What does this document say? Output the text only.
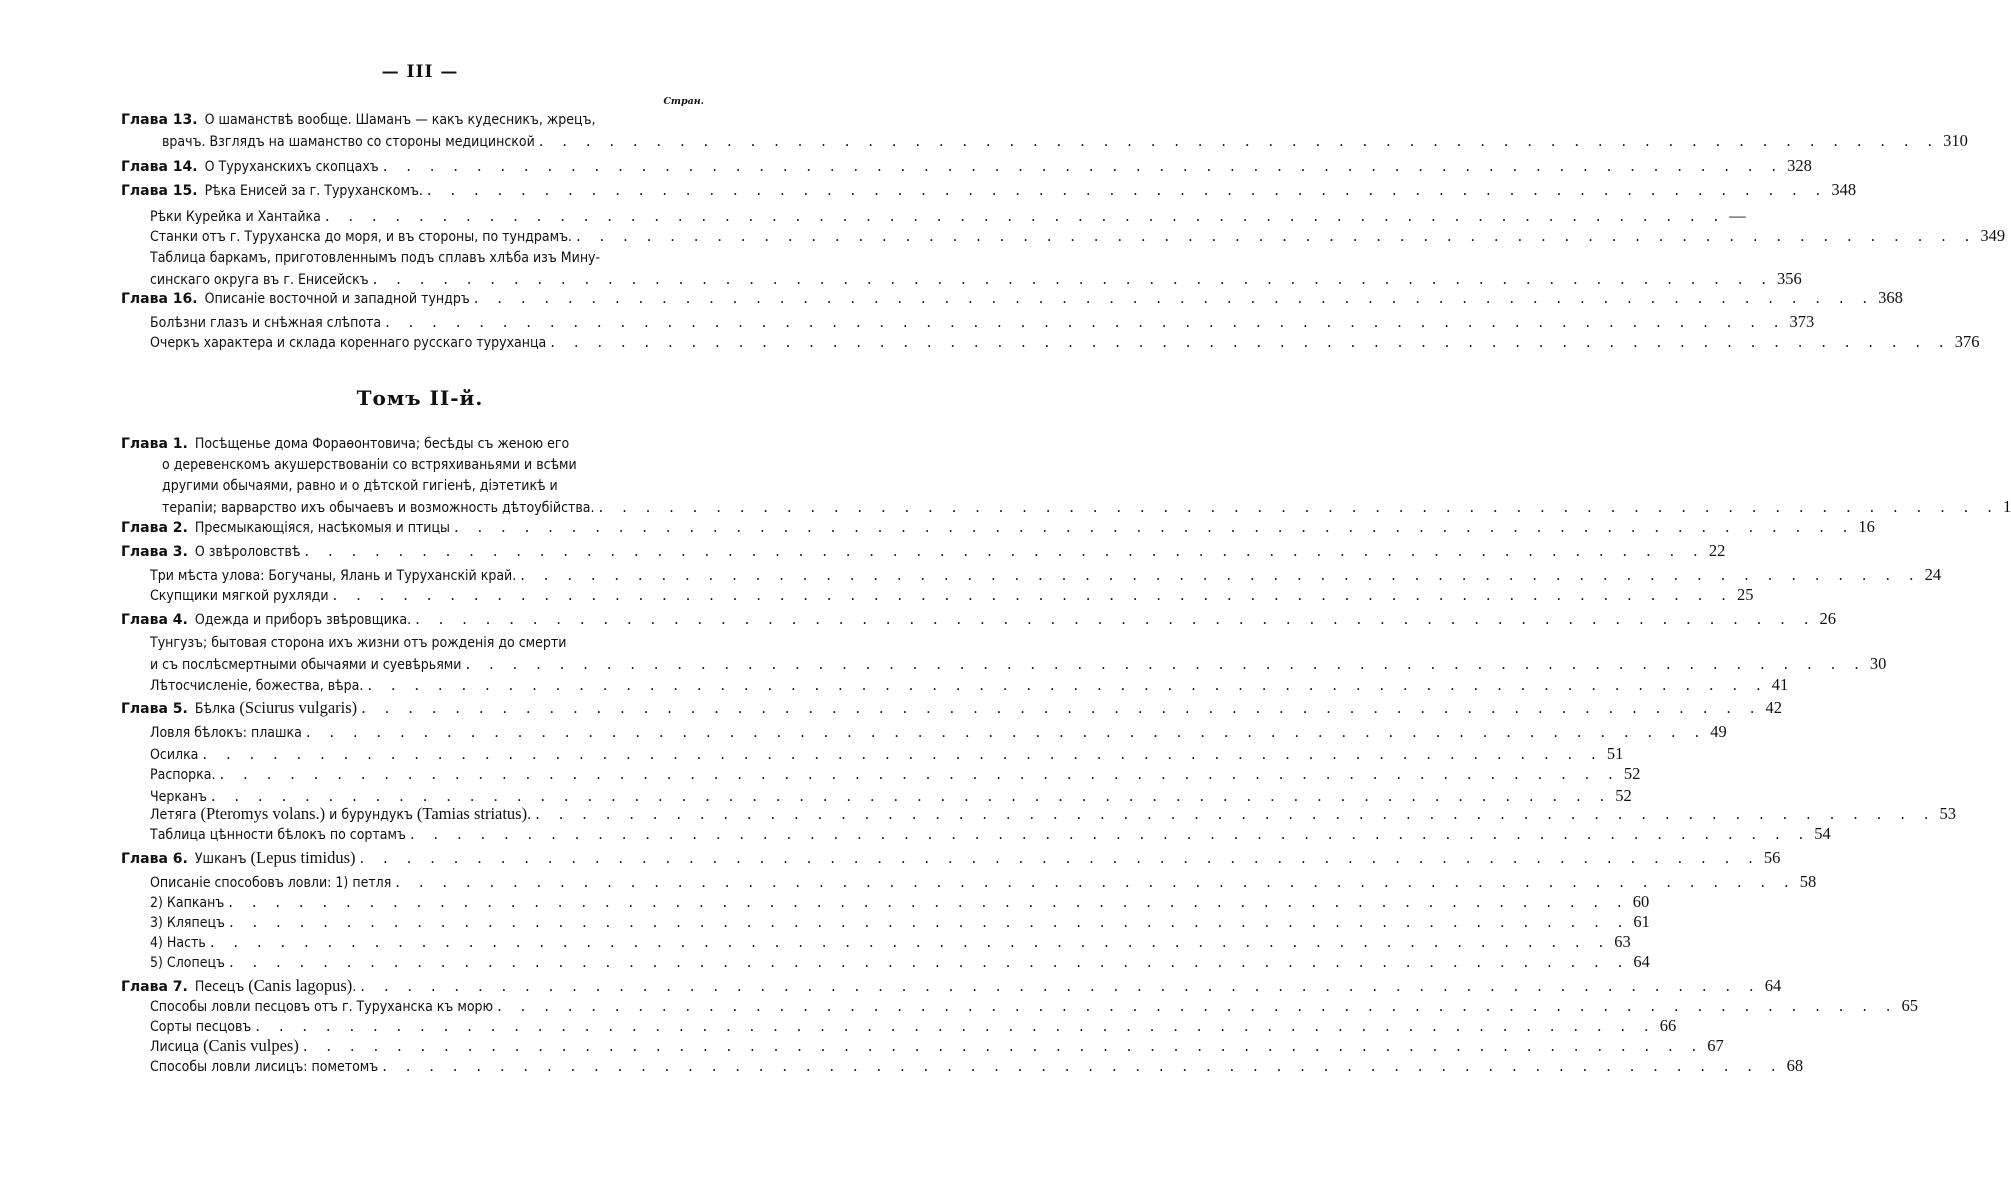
— III —
Стран.
Томъ II-й.
Глава 13. О шаманствѣ вообще. Шаманъ — какъ кудесникъ, жрецъ,
врачъ. Взглядъ на шаманство со стороны медицинской . . . . . . . . . . . . . . . . . . . . . . . . . . . . . . . . . . . . . . . . . . . . . . . . . . . . . . . . . . . . 310
Глава 14. О Туруханскихъ скопцахъ . . . . . . . . . . . . . . . . . . . . . . . . . . . . . . . . . . . . . . . . . . . . . . . . . . . . . . . . . . . . 328
Глава 15. Рѣка Енисей за г. Туруханскомъ. . . . . . . . . . . . . . . . . . . . . . . . . . . . . . . . . . . . . . . . . . . . . . . . . . . . . . . . . . . . . 348
Рѣки Курейка и Хантайка . . . . . . . . . . . . . . . . . . . . . . . . . . . . . . . . . . . . . . . . . . . . . . . . . . . . . . . . . . . . —
Станки отъ г. Туруханска до моря, и въ стороны, по тундрамъ. . . . . . . . . . . . . . . . . . . . . . . . . . . . . . . . . . . . . . . . . . . . . . . . . . . . . . . . . . . . . 349
Таблица баркамъ, приготовленнымъ подъ сплавъ хлѣба изъ Мину-
синскаго округа въ г. Енисейскъ . . . . . . . . . . . . . . . . . . . . . . . . . . . . . . . . . . . . . . . . . . . . . . . . . . . . . . . . . . . . 356
Глава 16. Описаніе восточной и западной тундръ . . . . . . . . . . . . . . . . . . . . . . . . . . . . . . . . . . . . . . . . . . . . . . . . . . . . . . . . . . . . 368
Болѣзни глазъ и снѣжная слѣпота . . . . . . . . . . . . . . . . . . . . . . . . . . . . . . . . . . . . . . . . . . . . . . . . . . . . . . . . . . . . 373
Очеркъ характера и склада кореннаго русскаго туруханца . . . . . . . . . . . . . . . . . . . . . . . . . . . . . . . . . . . . . . . . . . . . . . . . . . . . . . . . . . . . 376
Глава 1. Посѣщенье дома Фораѳонтовича; бесѣды съ женою его
о деревенскомъ акушерствованіи со встряхиваньями и всѣми
другими обычаями, равно и о дѣтской гигіенѣ, діэтетикѣ и
терапіи; варварство ихъ обычаевъ и возможность дѣтоубійства. . . . . . . . . . . . . . . . . . . . . . . . . . . . . . . . . . . . . . . . . . . . . . . . . . . . . . . . . . . . . 1
Глава 2. Пресмыкающіяся, насѣкомыя и птицы . . . . . . . . . . . . . . . . . . . . . . . . . . . . . . . . . . . . . . . . . . . . . . . . . . . . . . . . . . . . 16
Глава 3. О звѣроловствѣ . . . . . . . . . . . . . . . . . . . . . . . . . . . . . . . . . . . . . . . . . . . . . . . . . . . . . . . . . . . . 22
Три мѣста улова: Богучаны, Ялань и Туруханскій край. . . . . . . . . . . . . . . . . . . . . . . . . . . . . . . . . . . . . . . . . . . . . . . . . . . . . . . . . . . . . 24
Скупщики мягкой рухляди . . . . . . . . . . . . . . . . . . . . . . . . . . . . . . . . . . . . . . . . . . . . . . . . . . . . . . . . . . . . 25
Глава 4. Одежда и приборъ звѣровщика. . . . . . . . . . . . . . . . . . . . . . . . . . . . . . . . . . . . . . . . . . . . . . . . . . . . . . . . . . . . . 26
Тунгузъ; бытовая сторона ихъ жизни отъ рожденія до смерти
и съ послѣсмертными обычаями и суевѣрьями . . . . . . . . . . . . . . . . . . . . . . . . . . . . . . . . . . . . . . . . . . . . . . . . . . . . . . . . . . . . 30
Лѣтосчисленіе, божества, вѣра. . . . . . . . . . . . . . . . . . . . . . . . . . . . . . . . . . . . . . . . . . . . . . . . . . . . . . . . . . . . . 41
Глава 5. Бѣлка (Sciurus vulgaris) . . . . . . . . . . . . . . . . . . . . . . . . . . . . . . . . . . . . . . . . . . . . . . . . . . . . . . . . . . . . 42
Ловля бѣлокъ: плашка . . . . . . . . . . . . . . . . . . . . . . . . . . . . . . . . . . . . . . . . . . . . . . . . . . . . . . . . . . . . 49
Осилка . . . . . . . . . . . . . . . . . . . . . . . . . . . . . . . . . . . . . . . . . . . . . . . . . . . . . . . . . . . . 51
Распорка. . . . . . . . . . . . . . . . . . . . . . . . . . . . . . . . . . . . . . . . . . . . . . . . . . . . . . . . . . . . . 52
Черканъ . . . . . . . . . . . . . . . . . . . . . . . . . . . . . . . . . . . . . . . . . . . . . . . . . . . . . . . . . . . . 52
Летяга (Pteromys volans.) и бурундукъ (Tamias striatus). . . . . . . . . . . . . . . . . . . . . . . . . . . . . . . . . . . . . . . . . . . . . . . . . . . . . . . . . . . . . 53
Таблица цѣнности бѣлокъ по сортамъ . . . . . . . . . . . . . . . . . . . . . . . . . . . . . . . . . . . . . . . . . . . . . . . . . . . . . . . . . . . . 54
Глава 6. Ушканъ (Lepus timidus) . . . . . . . . . . . . . . . . . . . . . . . . . . . . . . . . . . . . . . . . . . . . . . . . . . . . . . . . . . . . 56
Описаніе способовъ ловли: 1) петля . . . . . . . . . . . . . . . . . . . . . . . . . . . . . . . . . . . . . . . . . . . . . . . . . . . . . . . . . . . . 58
2) Капканъ . . . . . . . . . . . . . . . . . . . . . . . . . . . . . . . . . . . . . . . . . . . . . . . . . . . . . . . . . . . . 60
3) Кляпецъ . . . . . . . . . . . . . . . . . . . . . . . . . . . . . . . . . . . . . . . . . . . . . . . . . . . . . . . . . . . . 61
4) Насть . . . . . . . . . . . . . . . . . . . . . . . . . . . . . . . . . . . . . . . . . . . . . . . . . . . . . . . . . . . . 63
5) Слопецъ . . . . . . . . . . . . . . . . . . . . . . . . . . . . . . . . . . . . . . . . . . . . . . . . . . . . . . . . . . . . 64
Глава 7. Песецъ (Canis lagopus). . . . . . . . . . . . . . . . . . . . . . . . . . . . . . . . . . . . . . . . . . . . . . . . . . . . . . . . . . . . . 64
Способы ловли песцовъ отъ г. Туруханска къ морю . . . . . . . . . . . . . . . . . . . . . . . . . . . . . . . . . . . . . . . . . . . . . . . . . . . . . . . . . . . . 65
Сорты песцовъ . . . . . . . . . . . . . . . . . . . . . . . . . . . . . . . . . . . . . . . . . . . . . . . . . . . . . . . . . . . . 66
Лисица (Canis vulpes) . . . . . . . . . . . . . . . . . . . . . . . . . . . . . . . . . . . . . . . . . . . . . . . . . . . . . . . . . . . . 67
Способы ловли лисицъ: пометомъ . . . . . . . . . . . . . . . . . . . . . . . . . . . . . . . . . . . . . . . . . . . . . . . . . . . . . . . . . . . . 68
